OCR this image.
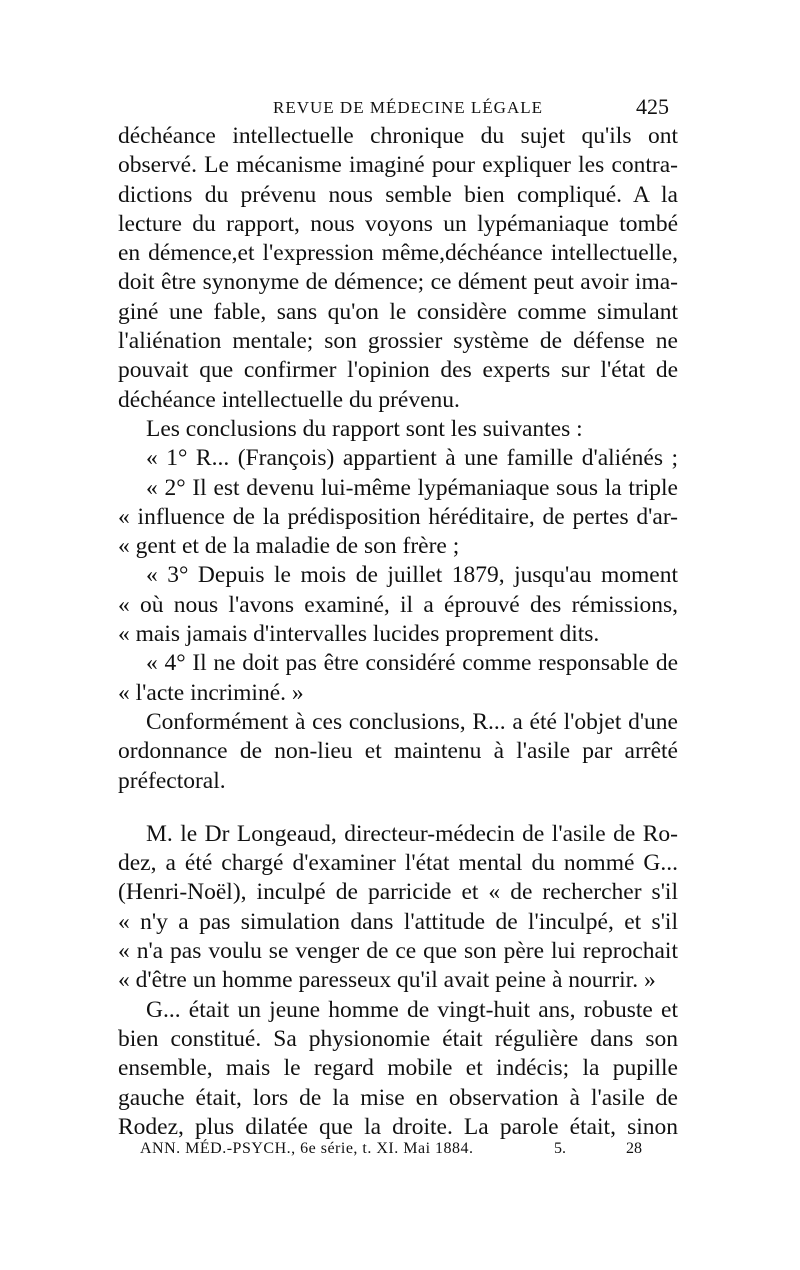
REVUE DE MÉDECINE LÉGALE	425
déchéance intellectuelle chronique du sujet qu'ils ont
observé. Le mécanisme imaginé pour expliquer les contra-
dictions du prévenu nous semble bien compliqué. A la
lecture du rapport, nous voyons un lypémaniaque tombé
en démence,et l'expression même,déchéance intellectuelle,
doit être synonyme de démence; ce dément peut avoir ima-
giné une fable, sans qu'on le considère comme simulant
l'aliénation mentale; son grossier système de défense ne
pouvait que confirmer l'opinion des experts sur l'état de
déchéance intellectuelle du prévenu.
Les conclusions du rapport sont les suivantes :
« 1° R... (François) appartient à une famille d'aliénés ;
« 2° Il est devenu lui-même lypémaniaque sous la triple
« influence de la prédisposition héréditaire, de pertes d'ar-
« gent et de la maladie de son frère ;
« 3° Depuis le mois de juillet 1879, jusqu'au moment
« où nous l'avons examiné, il a éprouvé des rémissions,
« mais jamais d'intervalles lucides proprement dits.
« 4° Il ne doit pas être considéré comme responsable de
« l'acte incriminé. »
Conformément à ces conclusions, R... a été l'objet d'une
ordonnance de non-lieu et maintenu à l'asile par arrêté
préfectoral.
M. le Dr Longeaud, directeur-médecin de l'asile de Ro-
dez, a été chargé d'examiner l'état mental du nommé G...
(Henri-Noël), inculpé de parricide et « de rechercher s'il
« n'y a pas simulation dans l'attitude de l'inculpé, et s'il
« n'a pas voulu se venger de ce que son père lui reprochait
« d'être un homme paresseux qu'il avait peine à nourrir. »
G... était un jeune homme de vingt-huit ans, robuste et
bien constitué. Sa physionomie était régulière dans son
ensemble, mais le regard mobile et indécis; la pupille
gauche était, lors de la mise en observation à l'asile de
Rodez, plus dilatée que la droite. La parole était, sinon
ANN. MÉD.-PSYCH., 6e série, t. XI. Mai 1884.	5.	28
